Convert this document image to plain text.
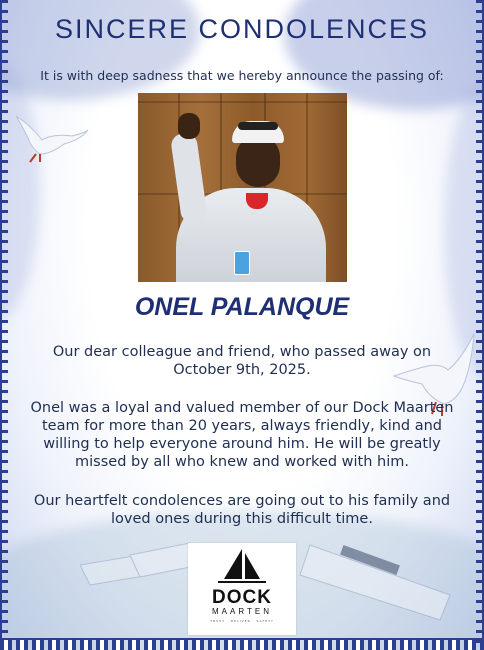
SINCERE CONDOLENCES
It is with deep sadness that we hereby announce the passing of:
ONEL PALANQUE
Our dear colleague and friend, who passed away on October 9th, 2025.
Onel was a loyal and valued member of our Dock Maarten team for more than 20 years, always friendly, kind and willing to help everyone around him. He will be greatly missed by all who knew and worked with him.
Our heartfelt condolences are going out to his family and loved ones during this difficult time.
DOCK
MAARTEN
TRUST · DELIVER · SAFETY
